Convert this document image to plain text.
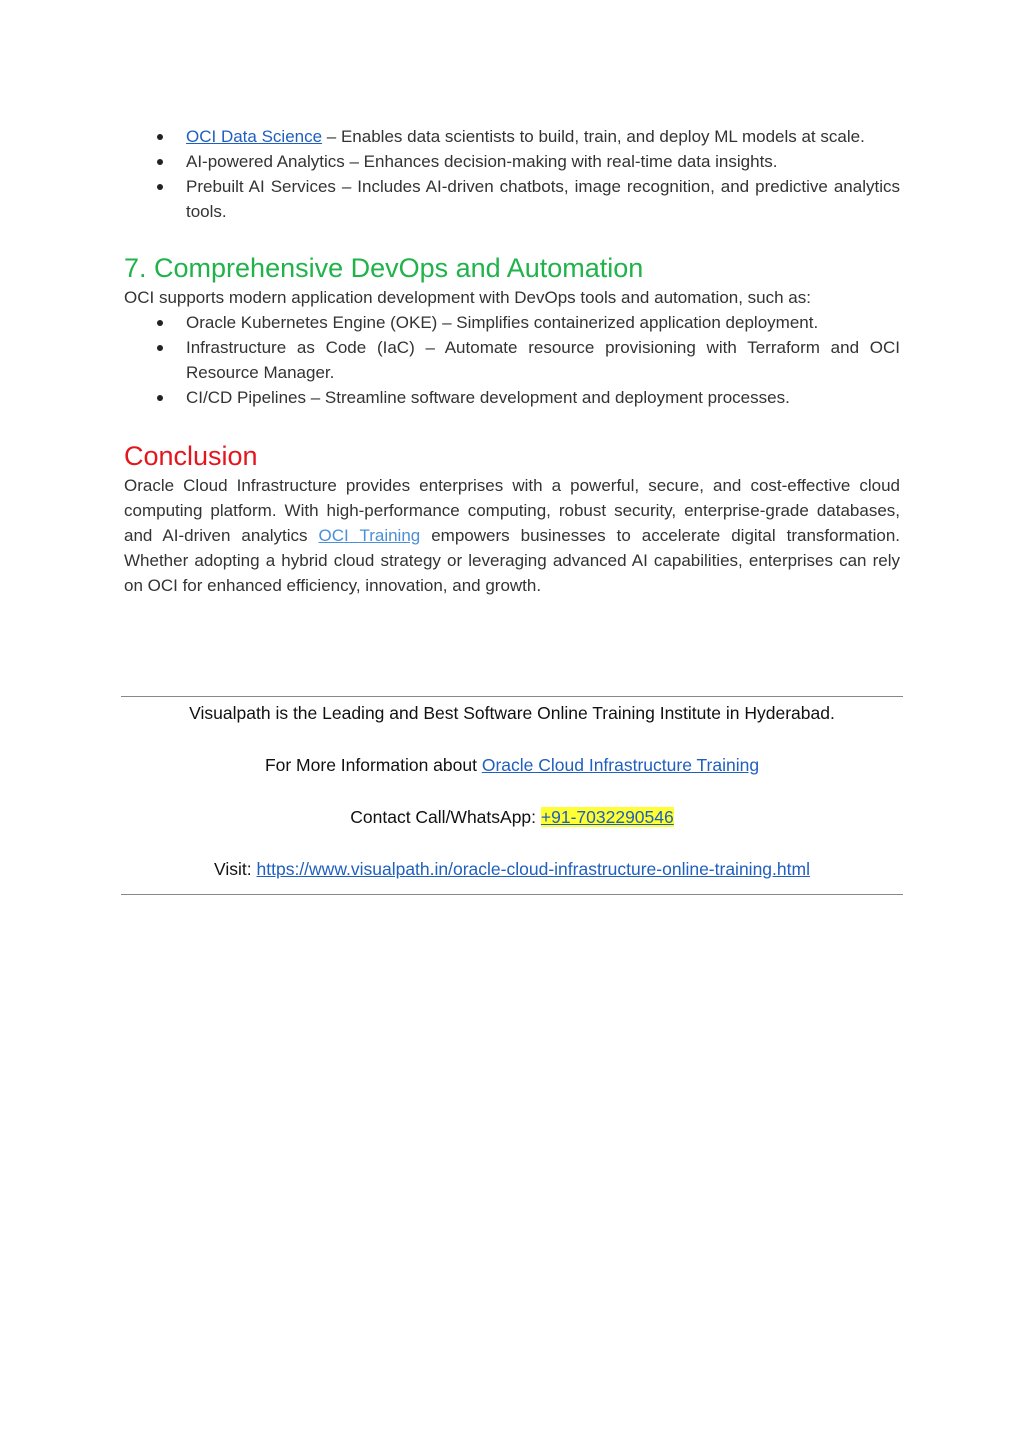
OCI Data Science – Enables data scientists to build, train, and deploy ML models at scale.
AI-powered Analytics – Enhances decision-making with real-time data insights.
Prebuilt AI Services – Includes AI-driven chatbots, image recognition, and predictive analytics tools.
7. Comprehensive DevOps and Automation

OCI supports modern application development with DevOps tools and automation, such as:

Oracle Kubernetes Engine (OKE) – Simplifies containerized application deployment.
Infrastructure as Code (IaC) – Automate resource provisioning with Terraform and OCI Resource Manager.
CI/CD Pipelines – Streamline software development and deployment processes.
Conclusion

Oracle Cloud Infrastructure provides enterprises with a powerful, secure, and cost-effective cloud computing platform. With high-performance computing, robust security, enterprise-grade databases, and AI-driven analytics OCI Training empowers businesses to accelerate digital transformation. Whether adopting a hybrid cloud strategy or leveraging advanced AI capabilities, enterprises can rely on OCI for enhanced efficiency, innovation, and growth.

Visualpath is the Leading and Best Software Online Training Institute in Hyderabad.

For More Information about Oracle Cloud Infrastructure Training

Contact Call/WhatsApp: +91-7032290546

Visit: https://www.visualpath.in/oracle-cloud-infrastructure-online-training.html
